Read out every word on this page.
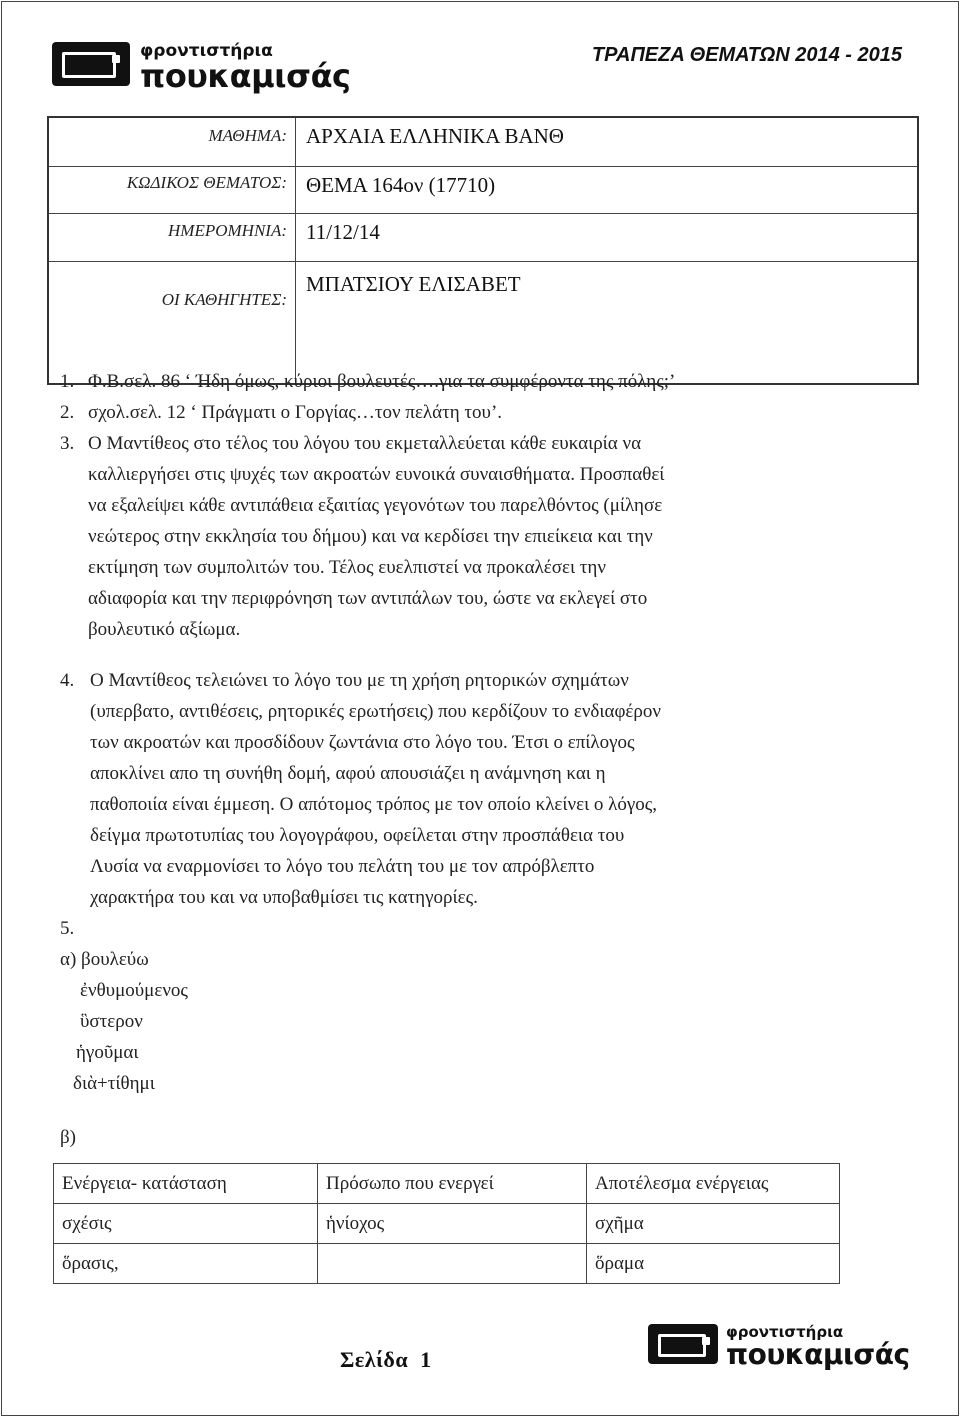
φροντιστήρια
πουκαμισάς
ΤΡΑΠΕΖΑ ΘΕΜΑΤΩΝ 2014 - 2015
ΜΑΘΗΜΑ:	ΑΡΧΑΙΑ ΕΛΛΗΝΙΚΑ ΒΑΝΘ
ΚΩΔΙΚΟΣ ΘΕΜΑΤΟΣ:	ΘΕΜΑ 164ον (17710)
ΗΜΕΡΟΜΗΝΙΑ:	11/12/14
ΟΙ ΚΑΘΗΓΗΤΕΣ:	ΜΠΑΤΣΙΟΥ ΕΛΙΣΑΒΕΤ
1. Φ.Β.σελ. 86 ‘ Ήδη όμως, κύριοι βουλευτές….για τα συμφέροντα της πόλης;’
2. σχολ.σελ. 12 ‘ Πράγματι ο Γοργίας…τον πελάτη του’.
3. Ο Μαντίθεος στο τέλος του λόγου του εκμεταλλεύεται κάθε ευκαιρία να
καλλιεργήσει στις ψυχές των ακροατών ευνοικά συναισθήματα. Προσπαθεί
να εξαλείψει κάθε αντιπάθεια εξαιτίας γεγονότων του παρελθόντος (μίλησε
νεώτερος στην εκκλησία του δήμου) και να κερδίσει την επιείκεια και την
εκτίμηση των συμπολιτών του. Τέλος ευελπιστεί να προκαλέσει την
αδιαφορία και την περιφρόνηση των αντιπάλων του, ώστε να εκλεγεί στο
βουλευτικό αξίωμα.
4. Ο Μαντίθεος τελειώνει το λόγο του με τη χρήση ρητορικών σχημάτων
(υπερβατο, αντιθέσεις, ρητορικές ερωτήσεις) που κερδίζουν το ενδιαφέρον
των ακροατών και προσδίδουν ζωντάνια στο λόγο του. Έτσι ο επίλογος
αποκλίνει απο τη συνήθη δομή, αφού απουσιάζει η ανάμνηση και η
παθοποιία είναι έμμεση. Ο απότομος τρόπος με τον οποίο κλείνει ο λόγος,
δείγμα πρωτοτυπίας του λογογράφου, οφείλεται στην προσπάθεια του
Λυσία να εναρμονίσει το λόγο του πελάτη του με τον απρόβλεπτο
χαρακτήρα του και να υποβαθμίσει τις κατηγορίες.
5.
α) βουλεύω
ἐνθυμούμενος
ὓστερον
ἡγοῦμαι
διὰ+τίθημι
β)
Ενέργεια- κατάσταση	Πρόσωπο που ενεργεί	Αποτέλεσμα ενέργειας
σχέσις	ἡνίοχος	σχῆμα
ὅρασις,		ὅραμα
Σελίδα  1
φροντιστήρια
πουκαμισάς
